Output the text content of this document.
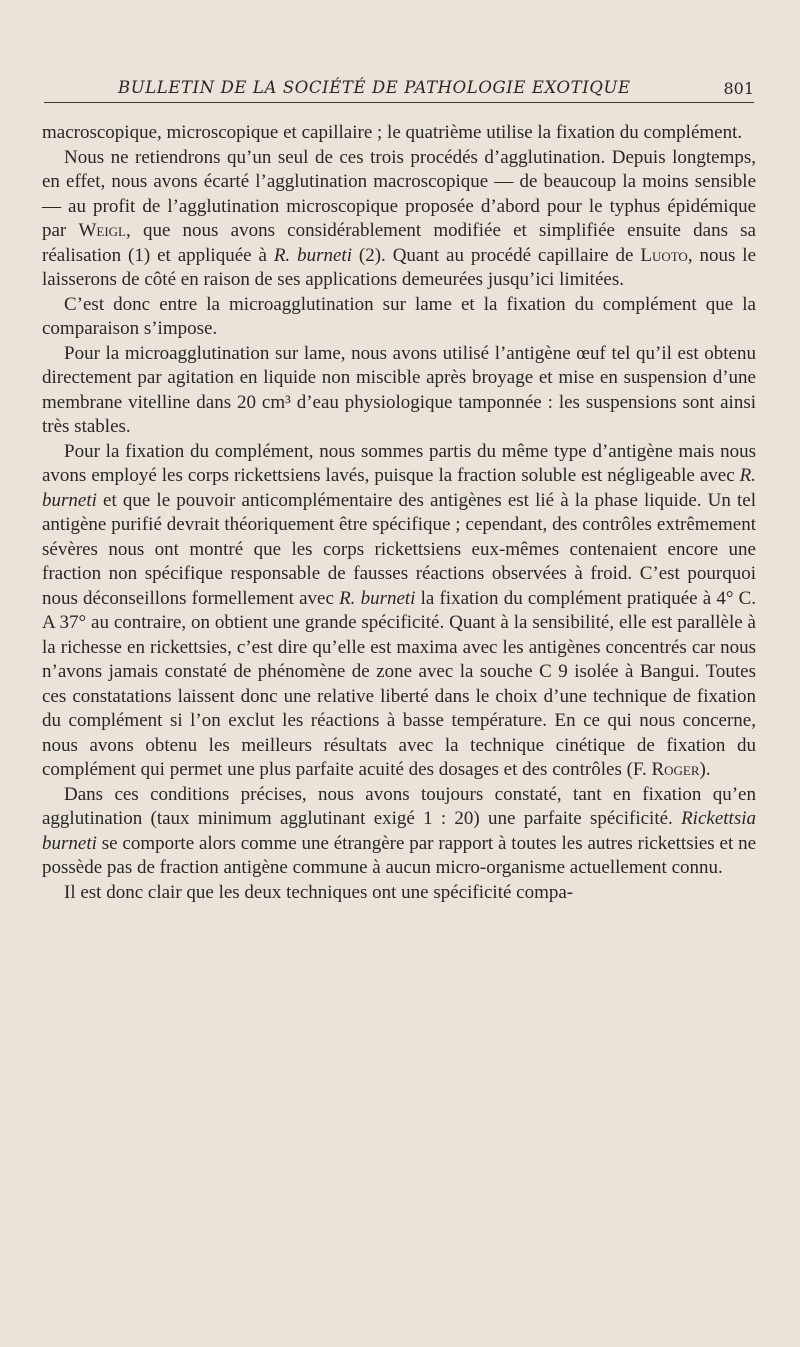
BULLETIN DE LA SOCIÉTÉ DE PATHOLOGIE EXOTIQUE	801

macroscopique, microscopique et capillaire ; le quatrième utilise la fixation du complément.

Nous ne retiendrons qu’un seul de ces trois procédés d’agglutination. Depuis longtemps, en effet, nous avons écarté l’agglutination macroscopique — de beaucoup la moins sensible — au profit de l’agglutination microscopique proposée d’abord pour le typhus épidémique par Weigl, que nous avons considérablement modifiée et simplifiée ensuite dans sa réalisation (1) et appliquée à R. burneti (2). Quant au procédé capillaire de Luoto, nous le laisserons de côté en raison de ses applications demeurées jusqu’ici limitées.

C’est donc entre la microagglutination sur lame et la fixation du complément que la comparaison s’impose.

Pour la microagglutination sur lame, nous avons utilisé l’antigène œuf tel qu’il est obtenu directement par agitation en liquide non miscible après broyage et mise en suspension d’une membrane vitelline dans 20 cm³ d’eau physiologique tamponnée : les suspensions sont ainsi très stables.

Pour la fixation du complément, nous sommes partis du même type d’antigène mais nous avons employé les corps rickettsiens lavés, puisque la fraction soluble est négligeable avec R. burneti et que le pouvoir anticomplémentaire des antigènes est lié à la phase liquide. Un tel antigène purifié devrait théoriquement être spécifique ; cependant, des contrôles extrêmement sévères nous ont montré que les corps rickettsiens eux-mêmes contenaient encore une fraction non spécifique responsable de fausses réactions observées à froid. C’est pourquoi nous déconseillons formellement avec R. burneti la fixation du complément pratiquée à 4° C. A 37° au contraire, on obtient une grande spécificité. Quant à la sensibilité, elle est parallèle à la richesse en rickettsies, c’est dire qu’elle est maxima avec les antigènes concentrés car nous n’avons jamais constaté de phénomène de zone avec la souche C 9 isolée à Bangui. Toutes ces constatations laissent donc une relative liberté dans le choix d’une technique de fixation du complément si l’on exclut les réactions à basse température. En ce qui nous concerne, nous avons obtenu les meilleurs résultats avec la technique cinétique de fixation du complément qui permet une plus parfaite acuité des dosages et des contrôles (F. Roger).

Dans ces conditions précises, nous avons toujours constaté, tant en fixation qu’en agglutination (taux minimum agglutinant exigé 1 : 20) une parfaite spécificité. Rickettsia burneti se comporte alors comme une étrangère par rapport à toutes les autres rickettsies et ne possède pas de fraction antigène commune à aucun micro-organisme actuellement connu.

Il est donc clair que les deux techniques ont une spécificité compa-
